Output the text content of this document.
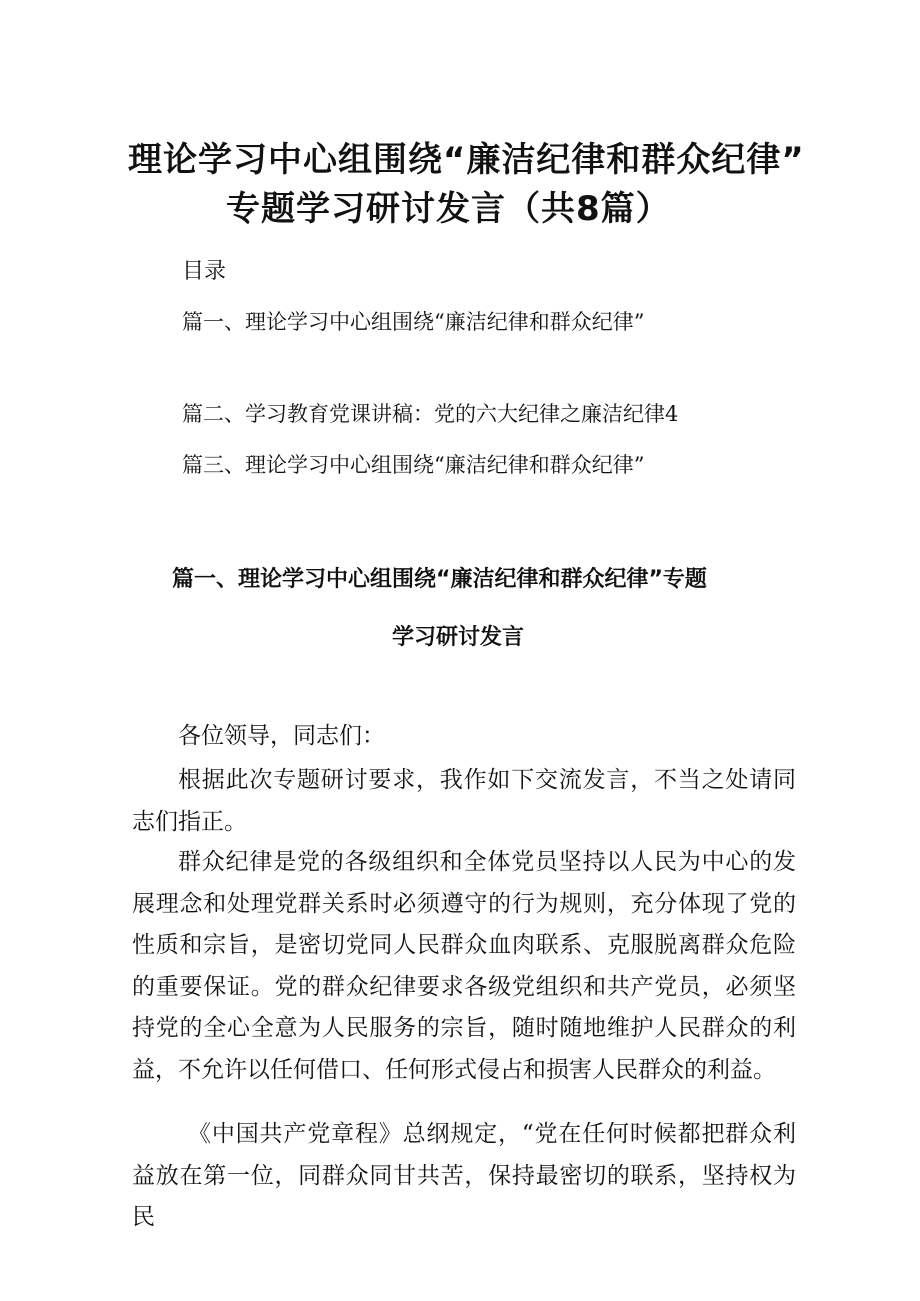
理论学习中心组围绕“廉洁纪律和群众纪律”
专题学习研讨发言（共8篇）
目录
篇一、理论学习中心组围绕“廉洁纪律和群众纪律”
篇二、学习教育党课讲稿：党的六大纪律之廉洁纪律4
篇三、理论学习中心组围绕“廉洁纪律和群众纪律”
篇一、理论学习中心组围绕“廉洁纪律和群众纪律”专题
学习研讨发言

各位领导，同志们：

根据此次专题研讨要求，我作如下交流发言，不当之处请同志们指正。

群众纪律是党的各级组织和全体党员坚持以人民为中心的发展理念和处理党群关系时必须遵守的行为规则，充分体现了党的性质和宗旨，是密切党同人民群众血肉联系、克服脱离群众危险的重要保证。党的群众纪律要求各级党组织和共产党员，必须坚持党的全心全意为人民服务的宗旨，随时随地维护人民群众的利益，不允许以任何借口、任何形式侵占和损害人民群众的利益。

《中国共产党章程》总纲规定，“党在任何时候都把群众利益放在第一位，同群众同甘共苦，保持最密切的联系，坚持权为民
